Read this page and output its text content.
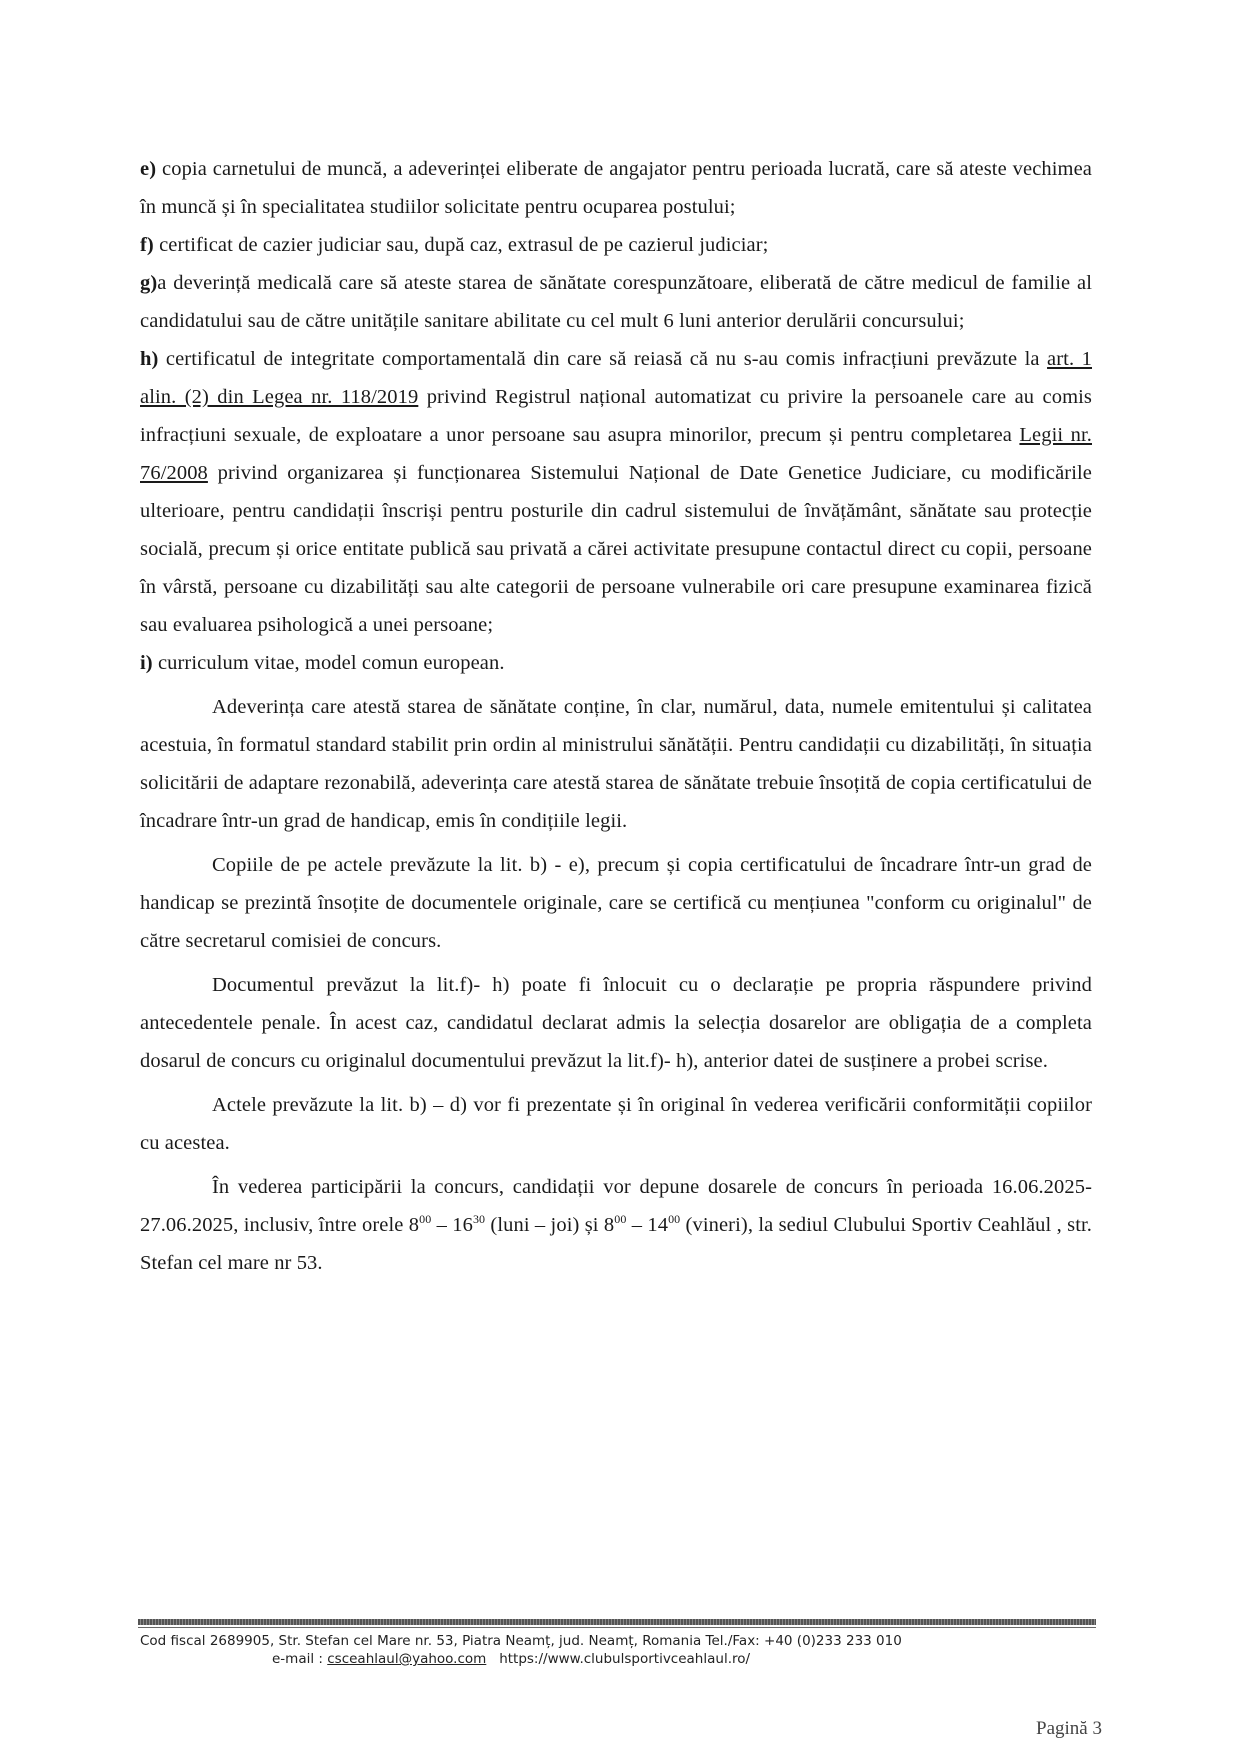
e) copia carnetului de muncă, a adeverinței eliberate de angajator pentru perioada lucrată, care să ateste vechimea în muncă și în specialitatea studiilor solicitate pentru ocuparea postului;

f) certificat de cazier judiciar sau, după caz, extrasul de pe cazierul judiciar;

g)a deverință medicală care să ateste starea de sănătate corespunzătoare, eliberată de către medicul de familie al candidatului sau de către unitățile sanitare abilitate cu cel mult 6 luni anterior derulării concursului;

h) certificatul de integritate comportamentală din care să reiasă că nu s-au comis infracțiuni prevăzute la art. 1 alin. (2) din Legea nr. 118/2019 privind Registrul național automatizat cu privire la persoanele care au comis infracțiuni sexuale, de exploatare a unor persoane sau asupra minorilor, precum și pentru completarea Legii nr. 76/2008 privind organizarea și funcționarea Sistemului Național de Date Genetice Judiciare, cu modificările ulterioare, pentru candidații înscriși pentru posturile din cadrul sistemului de învățământ, sănătate sau protecție socială, precum și orice entitate publică sau privată a cărei activitate presupune contactul direct cu copii, persoane în vârstă, persoane cu dizabilități sau alte categorii de persoane vulnerabile ori care presupune examinarea fizică sau evaluarea psihologică a unei persoane;

i) curriculum vitae, model comun european.

Adeverința care atestă starea de sănătate conține, în clar, numărul, data, numele emitentului și calitatea acestuia, în formatul standard stabilit prin ordin al ministrului sănătății. Pentru candidații cu dizabilități, în situația solicitării de adaptare rezonabilă, adeverința care atestă starea de sănătate trebuie însoțită de copia certificatului de încadrare într-un grad de handicap, emis în condițiile legii.

Copiile de pe actele prevăzute la lit. b) - e), precum și copia certificatului de încadrare într-un grad de handicap se prezintă însoțite de documentele originale, care se certifică cu mențiunea "conform cu originalul" de către secretarul comisiei de concurs.

Documentul prevăzut la lit.f)- h) poate fi înlocuit cu o declarație pe propria răspundere privind antecedentele penale. În acest caz, candidatul declarat admis la selecția dosarelor are obligația de a completa dosarul de concurs cu originalul documentului prevăzut la lit.f)- h), anterior datei de susținere a probei scrise.

Actele prevăzute la lit. b) – d) vor fi prezentate și în original în vederea verificării conformității copiilor cu acestea.

În vederea participării la concurs, candidații vor depune dosarele de concurs în perioada 16.06.2025-27.06.2025, inclusiv, între orele $8^{00} - 16^{30}$ (luni – joi) și $8^{00} - 14^{00}$ (vineri), la sediul Clubului Sportiv Ceahlăul , str. Stefan cel mare nr 53.

Cod fiscal 2689905, Str. Stefan cel Mare nr. 53, Piatra Neamț, jud. Neamț, Romania Tel./Fax: +40 (0)233 233 010
e-mail : csceahlaul@yahoo.com https://www.clubulsportivceahlaul.ro/
Pagină 3
